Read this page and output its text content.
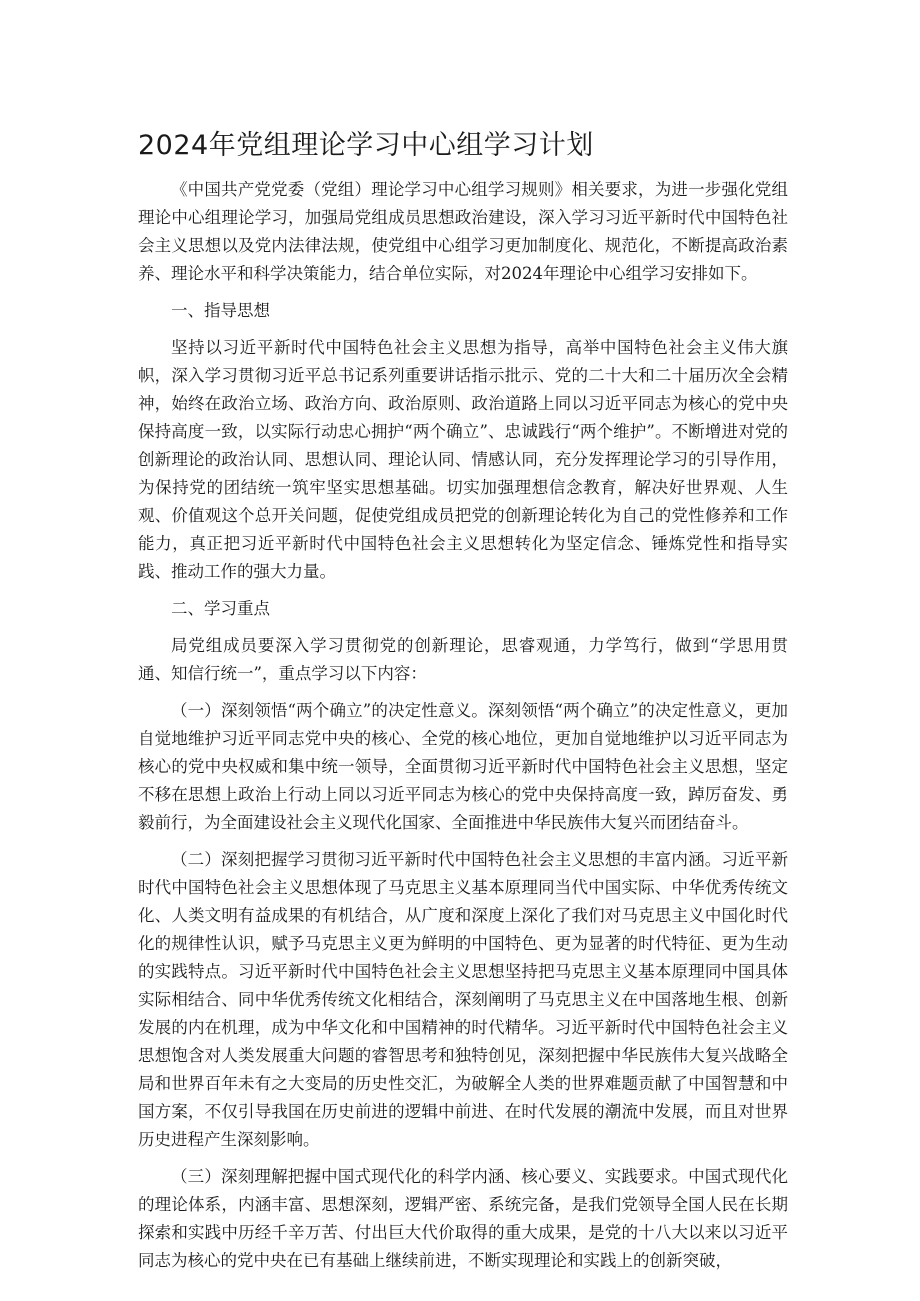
2024年党组理论学习中心组学习计划

《中国共产党党委（党组）理论学习中心组学习规则》相关要求，为进一步强化党组理论中心组理论学习，加强局党组成员思想政治建设，深入学习习近平新时代中国特色社会主义思想以及党内法律法规，使党组中心组学习更加制度化、规范化，不断提高政治素养、理论水平和科学决策能力，结合单位实际，对2024年理论中心组学习安排如下。

一、指导思想

坚持以习近平新时代中国特色社会主义思想为指导，高举中国特色社会主义伟大旗帜，深入学习贯彻习近平总书记系列重要讲话指示批示、党的二十大和二十届历次全会精神，始终在政治立场、政治方向、政治原则、政治道路上同以习近平同志为核心的党中央保持高度一致，以实际行动忠心拥护“两个确立”、忠诚践行“两个维护”。不断增进对党的创新理论的政治认同、思想认同、理论认同、情感认同，充分发挥理论学习的引导作用，为保持党的团结统一筑牢坚实思想基础。切实加强理想信念教育，解决好世界观、人生观、价值观这个总开关问题，促使党组成员把党的创新理论转化为自己的党性修养和工作能力，真正把习近平新时代中国特色社会主义思想转化为坚定信念、锤炼党性和指导实践、推动工作的强大力量。

二、学习重点

局党组成员要深入学习贯彻党的创新理论，思睿观通，力学笃行，做到“学思用贯通、知信行统一”，重点学习以下内容：

（一）深刻领悟“两个确立”的决定性意义。深刻领悟“两个确立”的决定性意义，更加自觉地维护习近平同志党中央的核心、全党的核心地位，更加自觉地维护以习近平同志为核心的党中央权威和集中统一领导，全面贯彻习近平新时代中国特色社会主义思想，坚定不移在思想上政治上行动上同以习近平同志为核心的党中央保持高度一致，踔厉奋发、勇毅前行，为全面建设社会主义现代化国家、全面推进中华民族伟大复兴而团结奋斗。

（二）深刻把握学习贯彻习近平新时代中国特色社会主义思想的丰富内涵。习近平新时代中国特色社会主义思想体现了马克思主义基本原理同当代中国实际、中华优秀传统文化、人类文明有益成果的有机结合，从广度和深度上深化了我们对马克思主义中国化时代化的规律性认识，赋予马克思主义更为鲜明的中国特色、更为显著的时代特征、更为生动的实践特点。习近平新时代中国特色社会主义思想坚持把马克思主义基本原理同中国具体实际相结合、同中华优秀传统文化相结合，深刻阐明了马克思主义在中国落地生根、创新发展的内在机理，成为中华文化和中国精神的时代精华。习近平新时代中国特色社会主义思想饱含对人类发展重大问题的睿智思考和独特创见，深刻把握中华民族伟大复兴战略全局和世界百年未有之大变局的历史性交汇，为破解全人类的世界难题贡献了中国智慧和中国方案，不仅引导我国在历史前进的逻辑中前进、在时代发展的潮流中发展，而且对世界历史进程产生深刻影响。

（三）深刻理解把握中国式现代化的科学内涵、核心要义、实践要求。中国式现代化的理论体系，内涵丰富、思想深刻，逻辑严密、系统完备，是我们党领导全国人民在长期探索和实践中历经千辛万苦、付出巨大代价取得的重大成果，是党的十八大以来以习近平同志为核心的党中央在已有基础上继续前进，不断实现理论和实践上的创新突破，
